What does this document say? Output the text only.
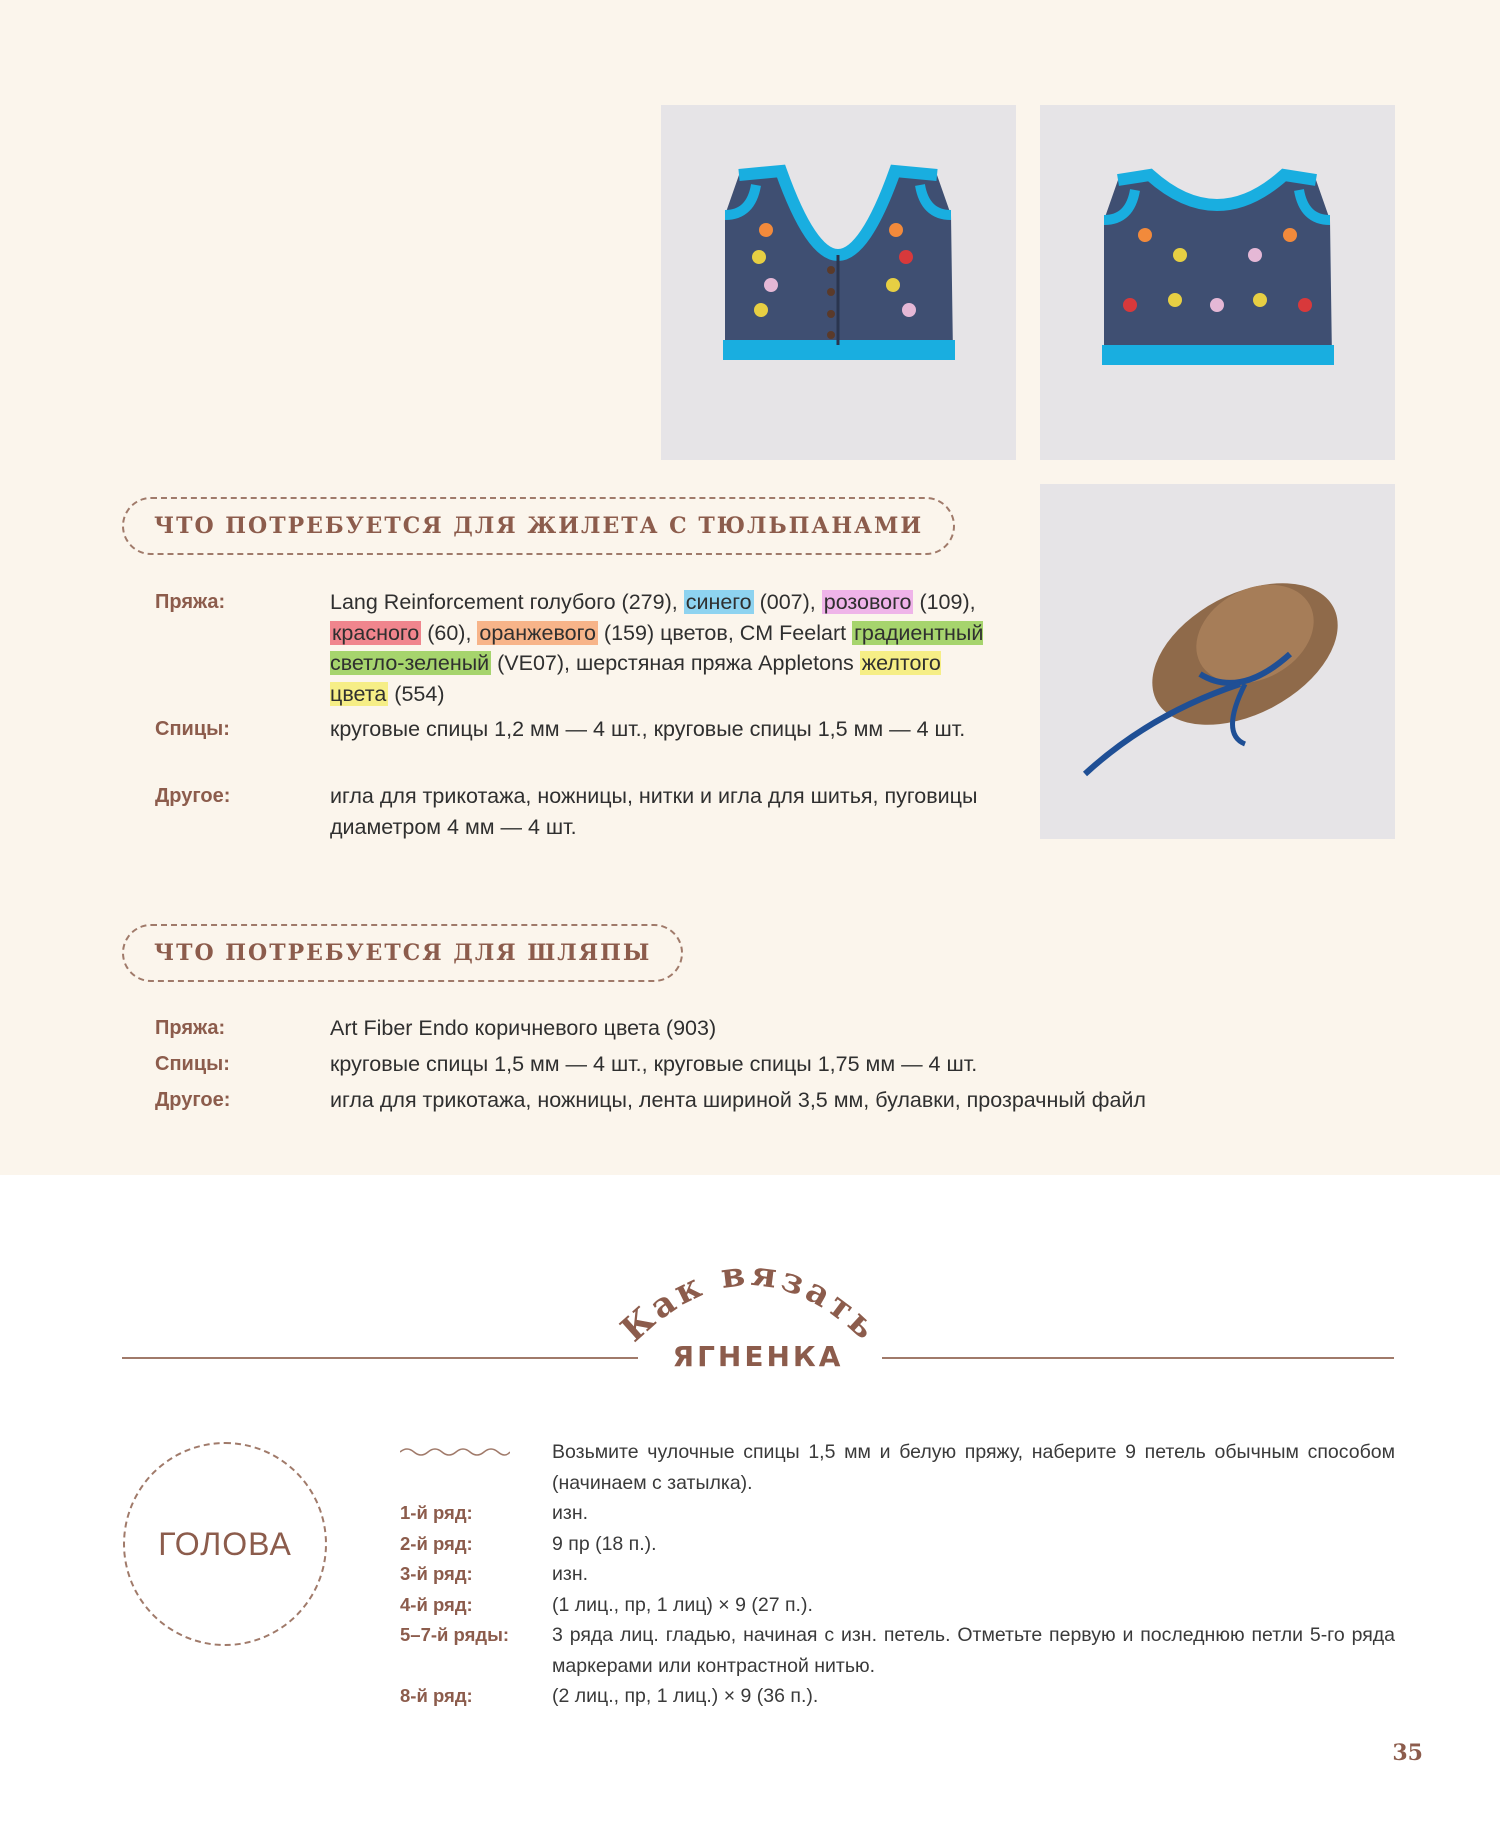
ЧТО ПОТРЕБУЕТСЯ ДЛЯ ЖИЛЕТА С ТЮЛЬПАНАМИ
Пряжа:	Lang Reinforcement голубого (279), синего (007), розового (109), красного (60), оранжевого (159) цветов, CM Feelart градиентный светло-зеленый (VE07), шерстяная пряжа Appletons желтого цвета (554)
Спицы:	круговые спицы 1,2 мм — 4 шт., круговые спицы 1,5 мм — 4 шт.
Другое:	игла для трикотажа, ножницы, нитки и игла для шитья, пуговицы диаметром 4 мм — 4 шт.
ЧТО ПОТРЕБУЕТСЯ ДЛЯ ШЛЯПЫ
Пряжа:	Art Fiber Endo коричневого цвета (903)
Спицы:	круговые спицы 1,5 мм — 4 шт., круговые спицы 1,75 мм — 4 шт.
Другое:	игла для трикотажа, ножницы, лента шириной 3,5 мм, булавки, прозрачный файл
Как вязать
ЯГНЕНКА
ГОЛОВА
Возьмите чулочные спицы 1,5 мм и белую пряжу, наберите 9 петель обычным способом (начинаем с затылка).
1-й ряд:	изн.
2-й ряд:	9 пр (18 п.).
3-й ряд:	изн.
4-й ряд:	(1 лиц., пр, 1 лиц) × 9 (27 п.).
5–7-й ряды:	3 ряда лиц. гладью, начиная с изн. петель. Отметьте первую и последнюю петли 5-го ряда маркерами или контрастной нитью.
8-й ряд:	(2 лиц., пр, 1 лиц.) × 9 (36 п.).
35
